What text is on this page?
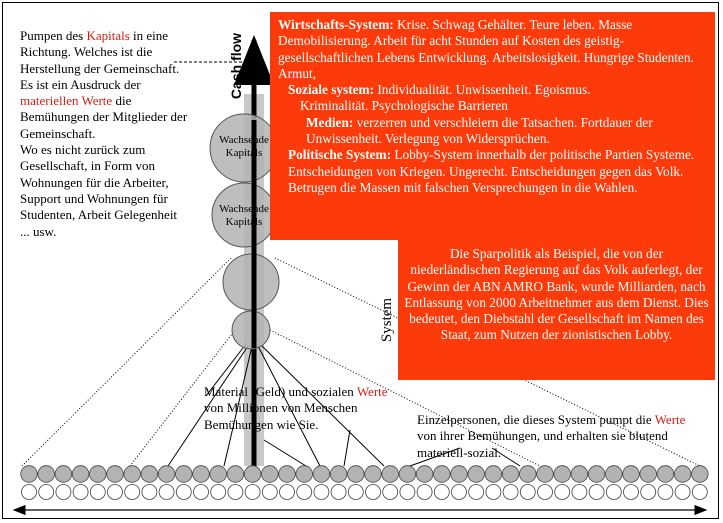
Pumpen des Kapitals in eine Richtung. Welches ist die Herstellung der Gemeinschaft. Es ist ein Ausdruck der materiellen Werte die Bemühungen der Mitglieder der Gemeinschaft.
Wo es nicht zurück zum Gesellschaft, in Form von Wohnungen für die Arbeiter, Support und Wohnungen für Studenten, Arbeit Gelegenheit ... usw.
Cash flow
System
Wachsende Kapitals
Wachsende Kapitals
Wirtschafts-System: Krise. Schwag Gehälter. Teure leben. Masse Demobilisierung. Arbeit für acht Stunden auf Kosten des geistig-gesellschaftlichen Lebens Entwicklung. Arbeitslosigkeit. Hungrige Studenten. Armut,
Soziale system: Individualität. Unwissenheit. Egoismus.
Kriminalität. Psychologische Barrieren
Medien: verzerren und verschleiern die Tatsachen. Fortdauer der Unwissenheit. Verlegung von Widersprüchen.
Politische System: Lobby-System innerhalb der politische Partien Systeme. Entscheidungen von Kriegen. Ungerecht. Entscheidungen gegen das Volk. Betrugen die Massen mit falschen Versprechungen in die Wahlen.
Die Sparpolitik als Beispiel, die von der niederländischen Regierung auf das Volk auferlegt, der Gewinn der ABN AMRO Bank, wurde Milliarden, nach Entlassung von 2000 Arbeitnehmer aus dem Dienst. Dies bedeutet, den Diebstahl der Gesellschaft im Namen des Staat, zum Nutzen der zionistischen Lobby.
Material (Geld) und sozialen Werte von Millionen von Menschen Bemühungen wie Sie.	Einzelpersonen, die dieses System pumpt die Werte von ihrer Bemühungen, und erhalten sie blutend materiell-sozial.
